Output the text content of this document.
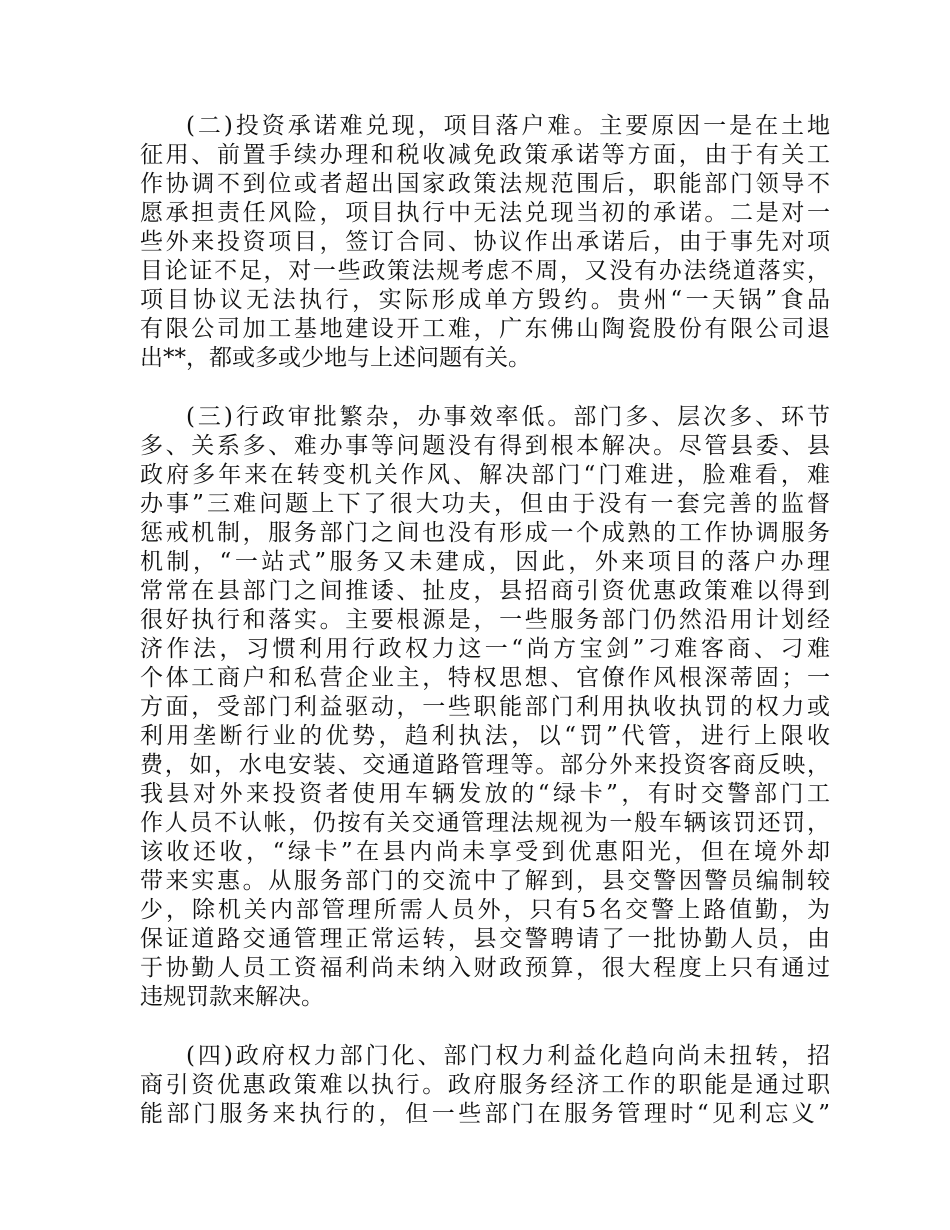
(二)投资承诺难兑现，项目落户难。主要原因一是在土地
征用、前置手续办理和税收减免政策承诺等方面，由于有关工
作协调不到位或者超出国家政策法规范围后，职能部门领导不
愿承担责任风险，项目执行中无法兑现当初的承诺。二是对一
些外来投资项目，签订合同、协议作出承诺后，由于事先对项
目论证不足，对一些政策法规考虑不周，又没有办法绕道落实，
项目协议无法执行，实际形成单方毁约。贵州“一天锅”食品
有限公司加工基地建设开工难，广东佛山陶瓷股份有限公司退
出**，都或多或少地与上述问题有关。
(三)行政审批繁杂，办事效率低。部门多、层次多、环节
多、关系多、难办事等问题没有得到根本解决。尽管县委、县
政府多年来在转变机关作风、解决部门“门难进，脸难看，难
办事”三难问题上下了很大功夫，但由于没有一套完善的监督
惩戒机制，服务部门之间也没有形成一个成熟的工作协调服务
机制，“一站式”服务又未建成，因此，外来项目的落户办理
常常在县部门之间推诿、扯皮，县招商引资优惠政策难以得到
很好执行和落实。主要根源是，一些服务部门仍然沿用计划经
济作法，习惯利用行政权力这一“尚方宝剑”刁难客商、刁难
个体工商户和私营企业主，特权思想、官僚作风根深蒂固；一
方面，受部门利益驱动，一些职能部门利用执收执罚的权力或
利用垄断行业的优势，趋利执法，以“罚”代管，进行上限收
费，如，水电安装、交通道路管理等。部分外来投资客商反映，
我县对外来投资者使用车辆发放的“绿卡”，有时交警部门工
作人员不认帐，仍按有关交通管理法规视为一般车辆该罚还罚，
该收还收，“绿卡”在县内尚未享受到优惠阳光，但在境外却
带来实惠。从服务部门的交流中了解到，县交警因警员编制较
少，除机关内部管理所需人员外，只有5名交警上路值勤，为
保证道路交通管理正常运转，县交警聘请了一批协勤人员，由
于协勤人员工资福利尚未纳入财政预算，很大程度上只有通过
违规罚款来解决。
(四)政府权力部门化、部门权力利益化趋向尚未扭转，招
商引资优惠政策难以执行。政府服务经济工作的职能是通过职
能部门服务来执行的，但一些部门在服务管理时“见利忘义”
